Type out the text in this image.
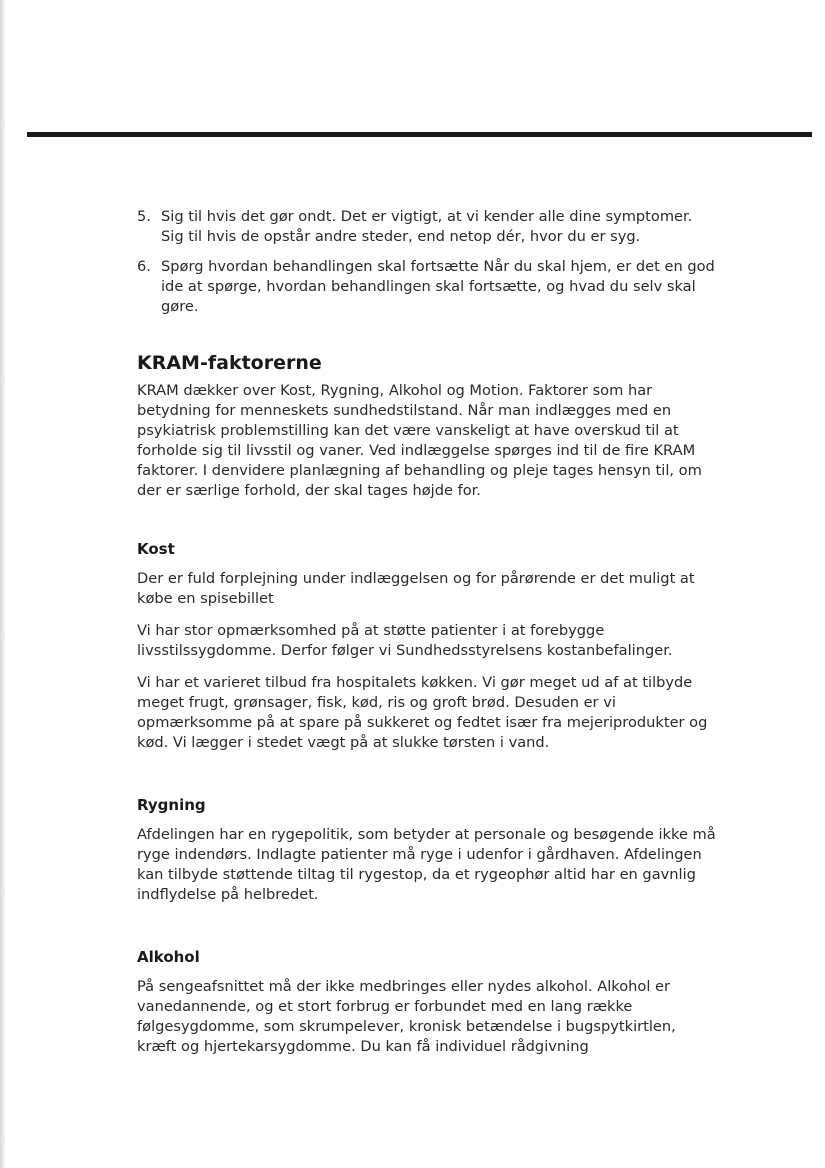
5. Sig til hvis det gør ondt. Det er vigtigt, at vi kender alle dine symptomer. Sig til hvis de opstår andre steder, end netop dér, hvor du er syg.
6. Spørg hvordan behandlingen skal fortsætte Når du skal hjem, er det en god ide at spørge, hvordan behandlingen skal fortsætte, og hvad du selv skal gøre.
KRAM-faktorerne

KRAM dækker over Kost, Rygning, Alkohol og Motion. Faktorer som har betydning for menneskets sundhedstilstand. Når man indlægges med en psykiatrisk problemstilling kan det være vanskeligt at have overskud til at forholde sig til livsstil og vaner. Ved indlæggelse spørges ind til de fire KRAM faktorer. I denvidere planlægning af behandling og pleje tages hensyn til, om der er særlige forhold, der skal tages højde for.

Kost

Der er fuld forplejning under indlæggelsen og for pårørende er det muligt at købe en spisebillet

Vi har stor opmærksomhed på at støtte patienter i at forebygge livsstilssygdomme. Derfor følger vi Sundhedsstyrelsens kostanbefalinger.

Vi har et varieret tilbud fra hospitalets køkken. Vi gør meget ud af at tilbyde meget frugt, grønsager, fisk, kød, ris og groft brød. Desuden er vi opmærksomme på at spare på sukkeret og fedtet især fra mejeriprodukter og kød. Vi lægger i stedet vægt på at slukke tørsten i vand.

Rygning

Afdelingen har en rygepolitik, som betyder at personale og besøgende ikke må ryge indendørs. Indlagte patienter må ryge i udenfor i gårdhaven. Afdelingen kan tilbyde støttende tiltag til rygestop, da et rygeophør altid har en gavnlig indflydelse på helbredet.

Alkohol

På sengeafsnittet må der ikke medbringes eller nydes alkohol. Alkohol er vanedannende, og et stort forbrug er forbundet med en lang række følgesygdomme, som skrumpelever, kronisk betændelse i bugspytkirtlen, kræft og hjertekarsygdomme. Du kan få individuel rådgivning
